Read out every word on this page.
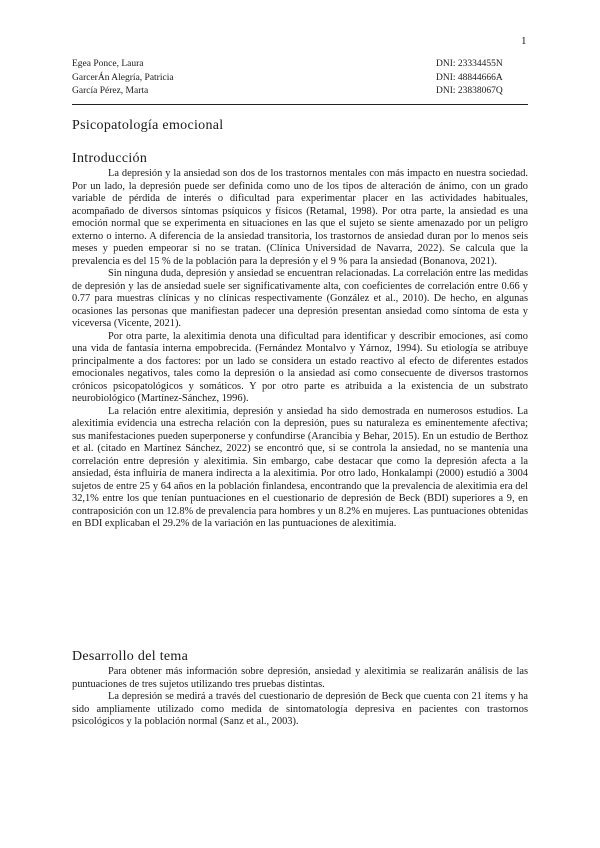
1
Egea Ponce, Laura
GarcerÁn Alegría, Patricia
García Pérez, Marta
DNI: 23334455N
DNI: 48844666A
DNI: 23838067Q
Psicopatología emocional
Introducción

La depresión y la ansiedad son dos de los trastornos mentales con más impacto en nuestra sociedad. Por un lado, la depresión puede ser definida como uno de los tipos de alteración de ánimo, con un grado variable de pérdida de interés o dificultad para experimentar placer en las actividades habituales, acompañado de diversos síntomas psíquicos y físicos (Retamal, 1998). Por otra parte, la ansiedad es una emoción normal que se experimenta en situaciones en las que el sujeto se siente amenazado por un peligro externo o interno. A diferencia de la ansiedad transitoria, los trastornos de ansiedad duran por lo menos seis meses y pueden empeorar si no se tratan. (Clínica Universidad de Navarra, 2022). Se calcula que la prevalencia es del 15 % de la población para la depresión y el 9 % para la ansiedad (Bonanova, 2021).

Sin ninguna duda, depresión y ansiedad se encuentran relacionadas. La correlación entre las medidas de depresión y las de ansiedad suele ser significativamente alta, con coeficientes de correlación entre 0.66 y 0.77 para muestras clínicas y no clínicas respectivamente (González et al., 2010). De hecho, en algunas ocasiones las personas que manifiestan padecer una depresión presentan ansiedad como síntoma de esta y viceversa (Vicente, 2021).

Por otra parte, la alexitimia denota una dificultad para identificar y describir emociones, así como una vida de fantasía interna empobrecida. (Fernández Montalvo y Yárnoz, 1994). Su etiología se atribuye principalmente a dos factores: por un lado se considera un estado reactivo al efecto de diferentes estados emocionales negativos, tales como la depresión o la ansiedad así como consecuente de diversos trastornos crónicos psicopatológicos y somáticos. Y por otro parte es atribuida a la existencia de un substrato neurobiológico (Martínez-Sánchez, 1996).

La relación entre alexitimia, depresión y ansiedad ha sido demostrada en numerosos estudios. La alexitimia evidencia una estrecha relación con la depresión, pues su naturaleza es eminentemente afectiva; sus manifestaciones pueden superponerse y confundirse (Arancibia y Behar, 2015). En un estudio de Berthoz et al. (citado en Martínez Sánchez, 2022) se encontró que, si se controla la ansiedad, no se mantenía una correlación entre depresión y alexitimia. Sin embargo, cabe destacar que como la depresión afecta a la ansiedad, ésta influiría de manera indirecta a la alexitimia. Por otro lado, Honkalampi (2000) estudió a 3004 sujetos de entre 25 y 64 años en la población finlandesa, encontrando que la prevalencia de alexitimia era del 32,1% entre los que tenían puntuaciones en el cuestionario de depresión de Beck (BDI) superiores a 9, en contraposición con un 12.8% de prevalencia para hombres y un 8.2% en mujeres. Las puntuaciones obtenidas en BDI explicaban el 29.2% de la variación en las puntuaciones de alexitimia.

Desarrollo del tema

Para obtener más información sobre depresión, ansiedad y alexitimia se realizarán análisis de las puntuaciones de tres sujetos utilizando tres pruebas distintas.

La depresión se medirá a través del cuestionario de depresión de Beck que cuenta con 21 ítems y ha sido ampliamente utilizado como medida de sintomatología depresiva en pacientes con trastornos psicológicos y la población normal (Sanz et al., 2003).
